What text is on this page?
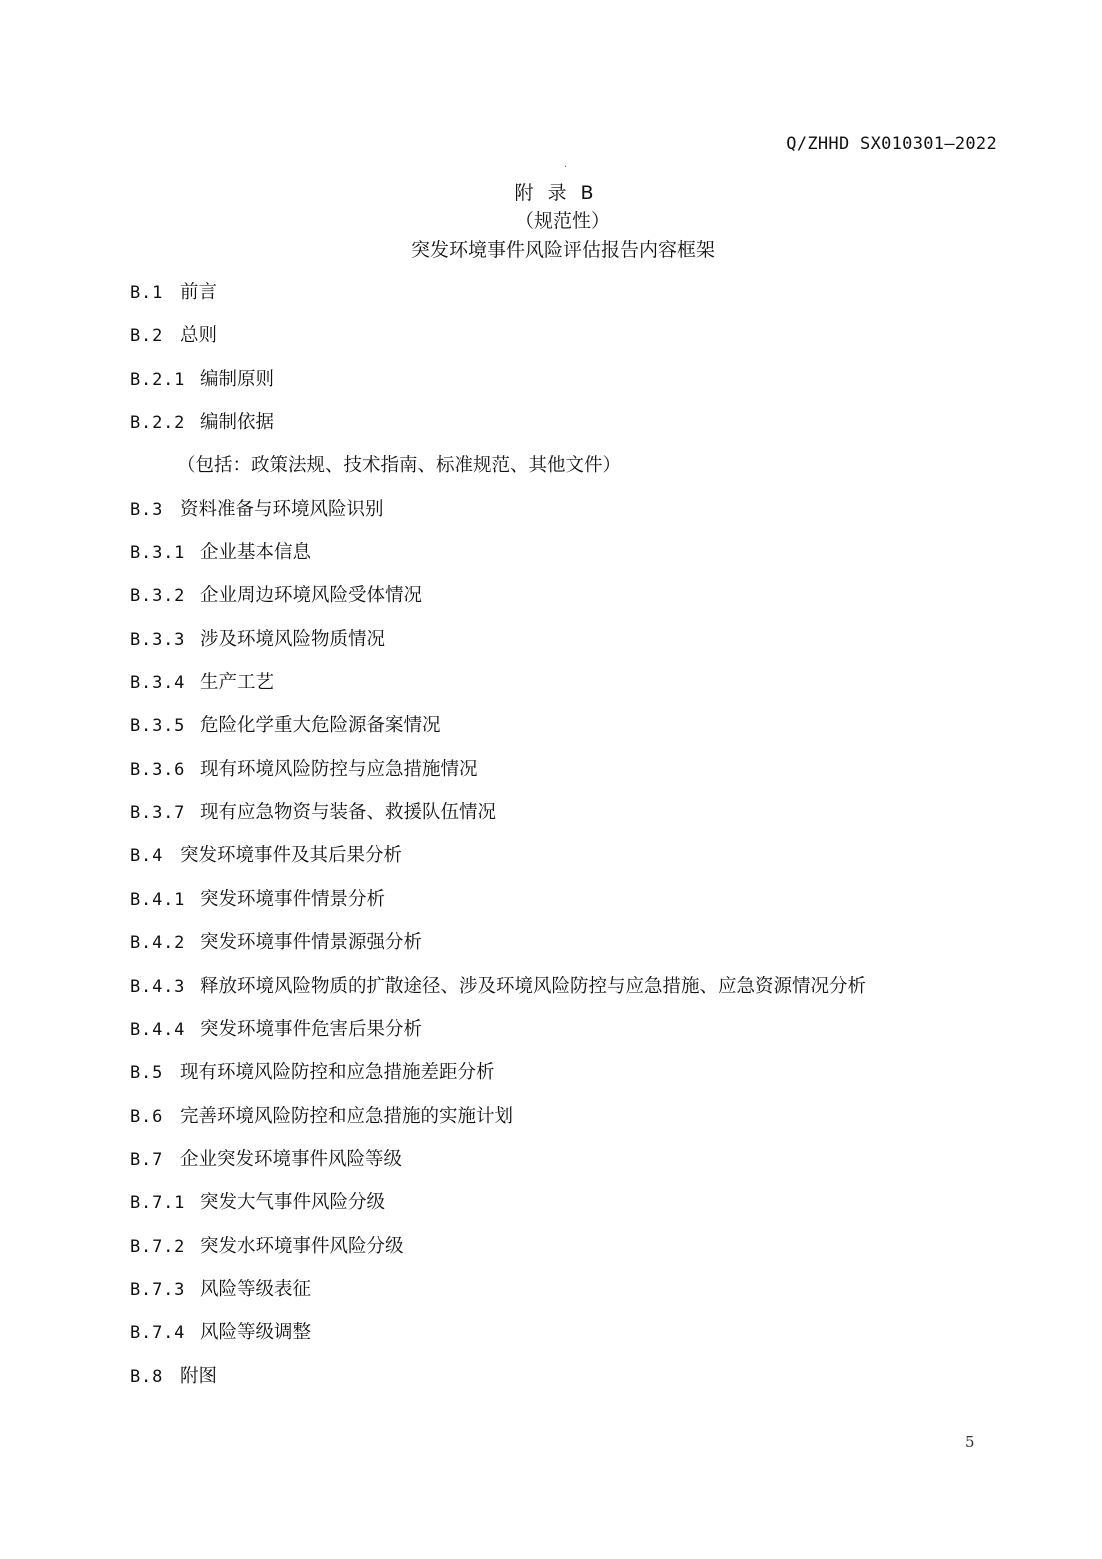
Q/ZHHD SX010301—2022
.
附录B
（规范性）
突发环境事件风险评估报告内容框架
B.1 前言
B.2 总则
B.2.1 编制原则
B.2.2 编制依据
（包括：政策法规、技术指南、标准规范、其他文件）
B.3 资料准备与环境风险识别
B.3.1 企业基本信息
B.3.2 企业周边环境风险受体情况
B.3.3 涉及环境风险物质情况
B.3.4 生产工艺
B.3.5 危险化学重大危险源备案情况
B.3.6 现有环境风险防控与应急措施情况
B.3.7 现有应急物资与装备、救援队伍情况
B.4 突发环境事件及其后果分析
B.4.1 突发环境事件情景分析
B.4.2 突发环境事件情景源强分析
B.4.3 释放环境风险物质的扩散途径、涉及环境风险防控与应急措施、应急资源情况分析
B.4.4 突发环境事件危害后果分析
B.5 现有环境风险防控和应急措施差距分析
B.6 完善环境风险防控和应急措施的实施计划
B.7 企业突发环境事件风险等级
B.7.1 突发大气事件风险分级
B.7.2 突发水环境事件风险分级
B.7.3 风险等级表征
B.7.4 风险等级调整
B.8 附图
5
